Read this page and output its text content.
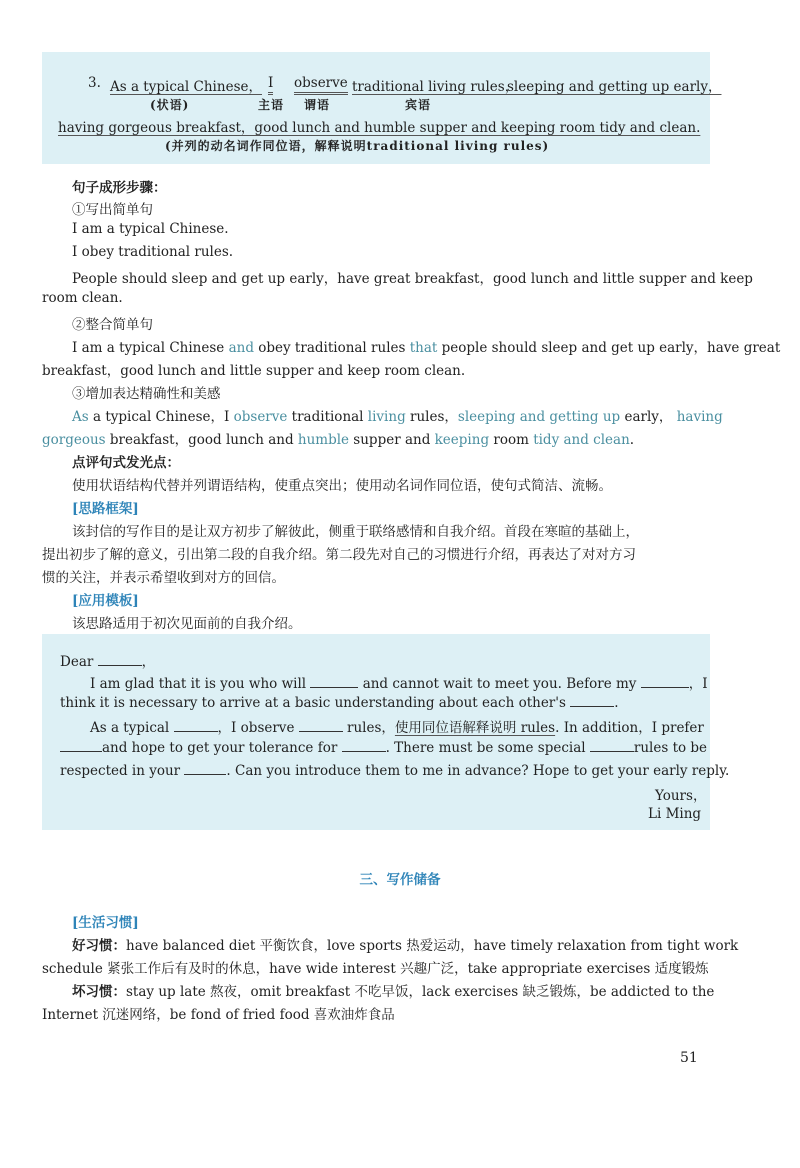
3. As a typical Chinese， I observe traditional living rules，
sleeping and getting up early，
(状语)	主语 谓语	宾语
having gorgeous breakfast，good lunch and humble supper and keeping room tidy and clean.
(并列的动名词作同位语，解释说明traditional living rules)
句子成形步骤：
①写出简单句
I am a typical Chinese.
I obey traditional rules.
People should sleep and get up early，have great breakfast，good lunch and little supper and keep
room clean.
②整合简单句
I am a typical Chinese and obey traditional rules that people should sleep and get up early，have great
breakfast，good lunch and little supper and keep room clean.
③增加表达精确性和美感
As a typical Chinese，I observe traditional living rules，sleeping and getting up early， having
gorgeous breakfast，good lunch and humble supper and keeping room tidy and clean.
点评句式发光点：
使用状语结构代替并列谓语结构，使重点突出；使用动名词作同位语，使句式简洁、流畅。
[思路框架]
该封信的写作目的是让双方初步了解彼此，侧重于联络感情和自我介绍。首段在寒暄的基础上，
提出初步了解的意义，引出第二段的自我介绍。第二段先对自己的习惯进行介绍，再表达了对对方习
惯的关注，并表示希望收到对方的回信。
[应用模板]
该思路适用于初次见面前的自我介绍。
Dear	，
I am glad that it is you who will	and cannot wait to meet you. Before my	，I
think it is necessary to arrive at a basic understanding about each other's	.
As a typical	，I observe	rules，使用同位语解释说明 rules. In addition，I prefer
and hope to get your tolerance for	. There must be some special	rules to be
respected in your	. Can you introduce them to me in advance? Hope to get your early reply.
Yours，
Li Ming
三、写作储备
[生活习惯]
好习惯：have balanced diet 平衡饮食，love sports 热爱运动，have timely relaxation from tight work
schedule 紧张工作后有及时的休息，have wide interest 兴趣广泛，take appropriate exercises 适度锻炼
坏习惯：stay up late 熬夜，omit breakfast 不吃早饭，lack exercises 缺乏锻炼，be addicted to the
Internet 沉迷网络，be fond of fried food 喜欢油炸食品
51
